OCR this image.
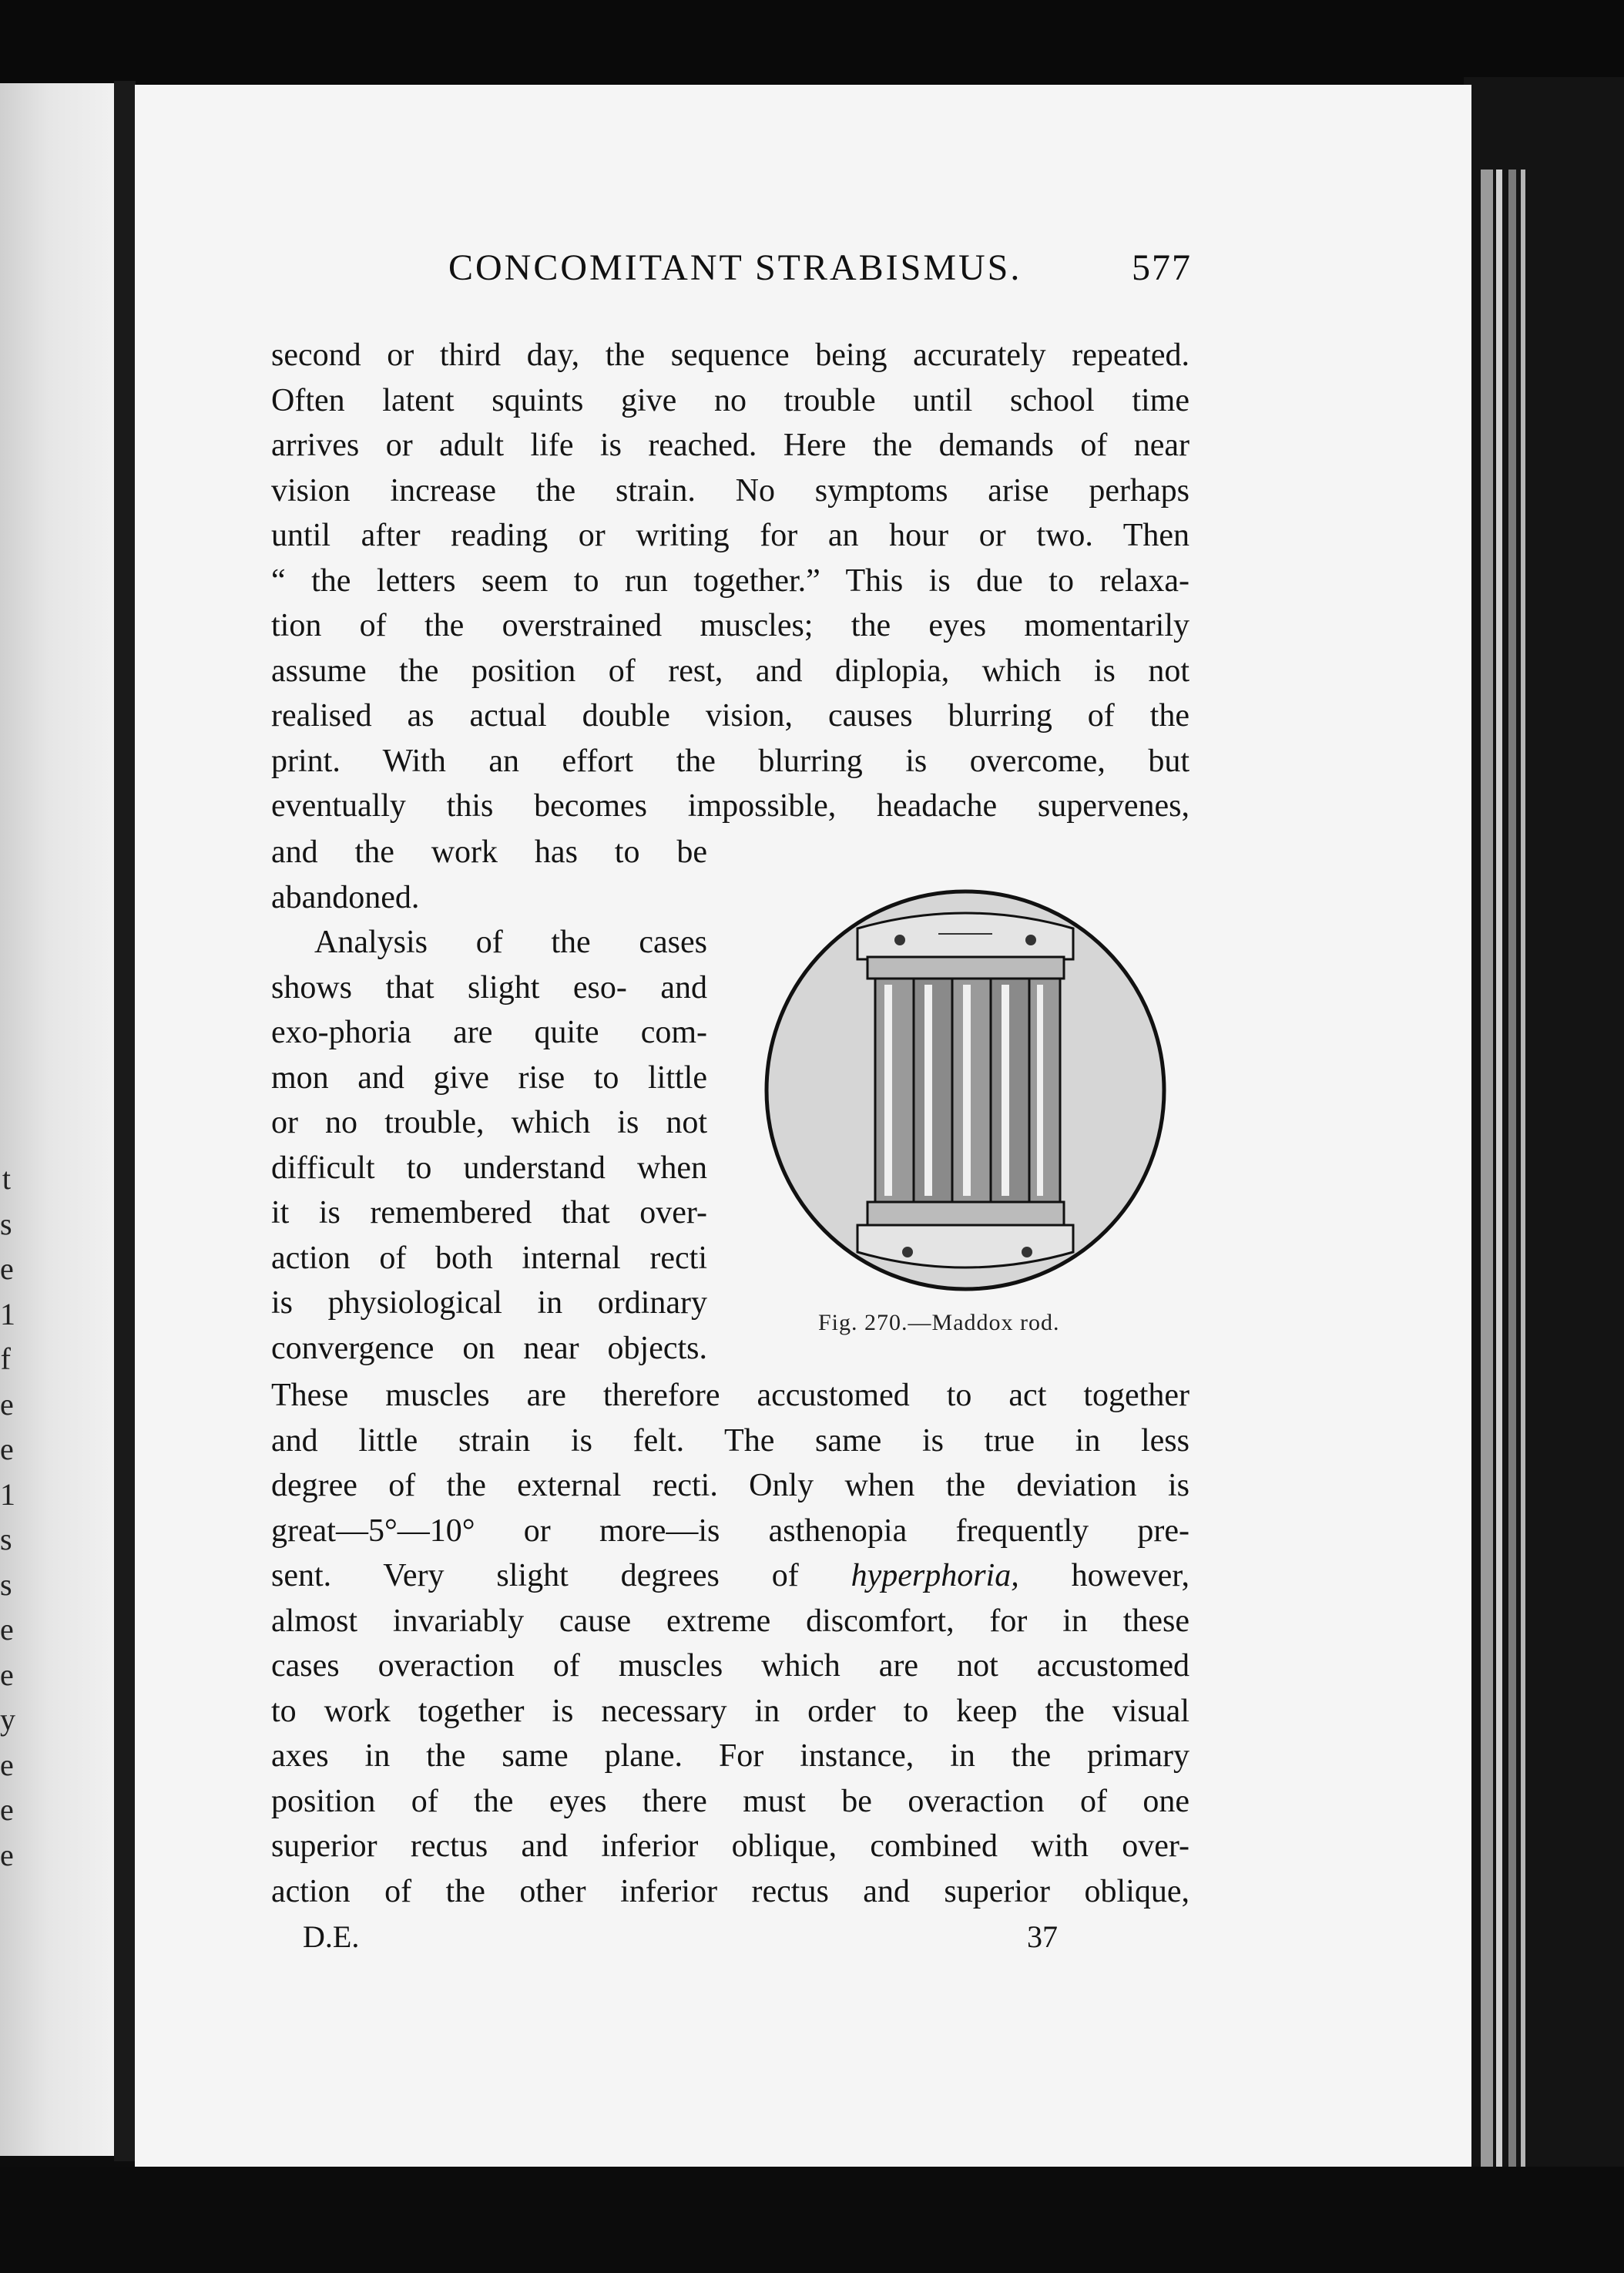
t
s
e
1
f
e
e
1
s
s
e
e
y
e
e
e
CONCOMITANT STRABISMUS.	577
second or third day, the sequence being accurately repeated.
Often latent squints give no trouble until school time
arrives or adult life is reached. Here the demands of near
vision increase the strain. No symptoms arise perhaps
until after reading or writing for an hour or two. Then
“ the letters seem to run together.” This is due to relaxa-
tion of the overstrained muscles; the eyes momentarily
assume the position of rest, and diplopia, which is not
realised as actual double vision, causes blurring of the
print. With an effort the blurring is overcome, but
eventually this becomes impossible, headache supervenes,
and the work has to be
abandoned.
Analysis of the cases
shows that slight eso- and
exo-phoria are quite com-
mon and give rise to little
or no trouble, which is not
difficult to understand when
it is remembered that over-
action of both internal recti
is physiological in ordinary
convergence on near objects.
These muscles are therefore accustomed to act together
and little strain is felt. The same is true in less
degree of the external recti. Only when the deviation is
great—5°—10° or more—is asthenopia frequently pre-
sent. Very slight degrees of hyperphoria, however,
almost invariably cause extreme discomfort, for in these
cases overaction of muscles which are not accustomed
to work together is necessary in order to keep the visual
axes in the same plane. For instance, in the primary
position of the eyes there must be overaction of one
superior rectus and inferior oblique, combined with over-
action of the other inferior rectus and superior oblique,
Fig. 270.—Maddox rod.
D.E.	37
